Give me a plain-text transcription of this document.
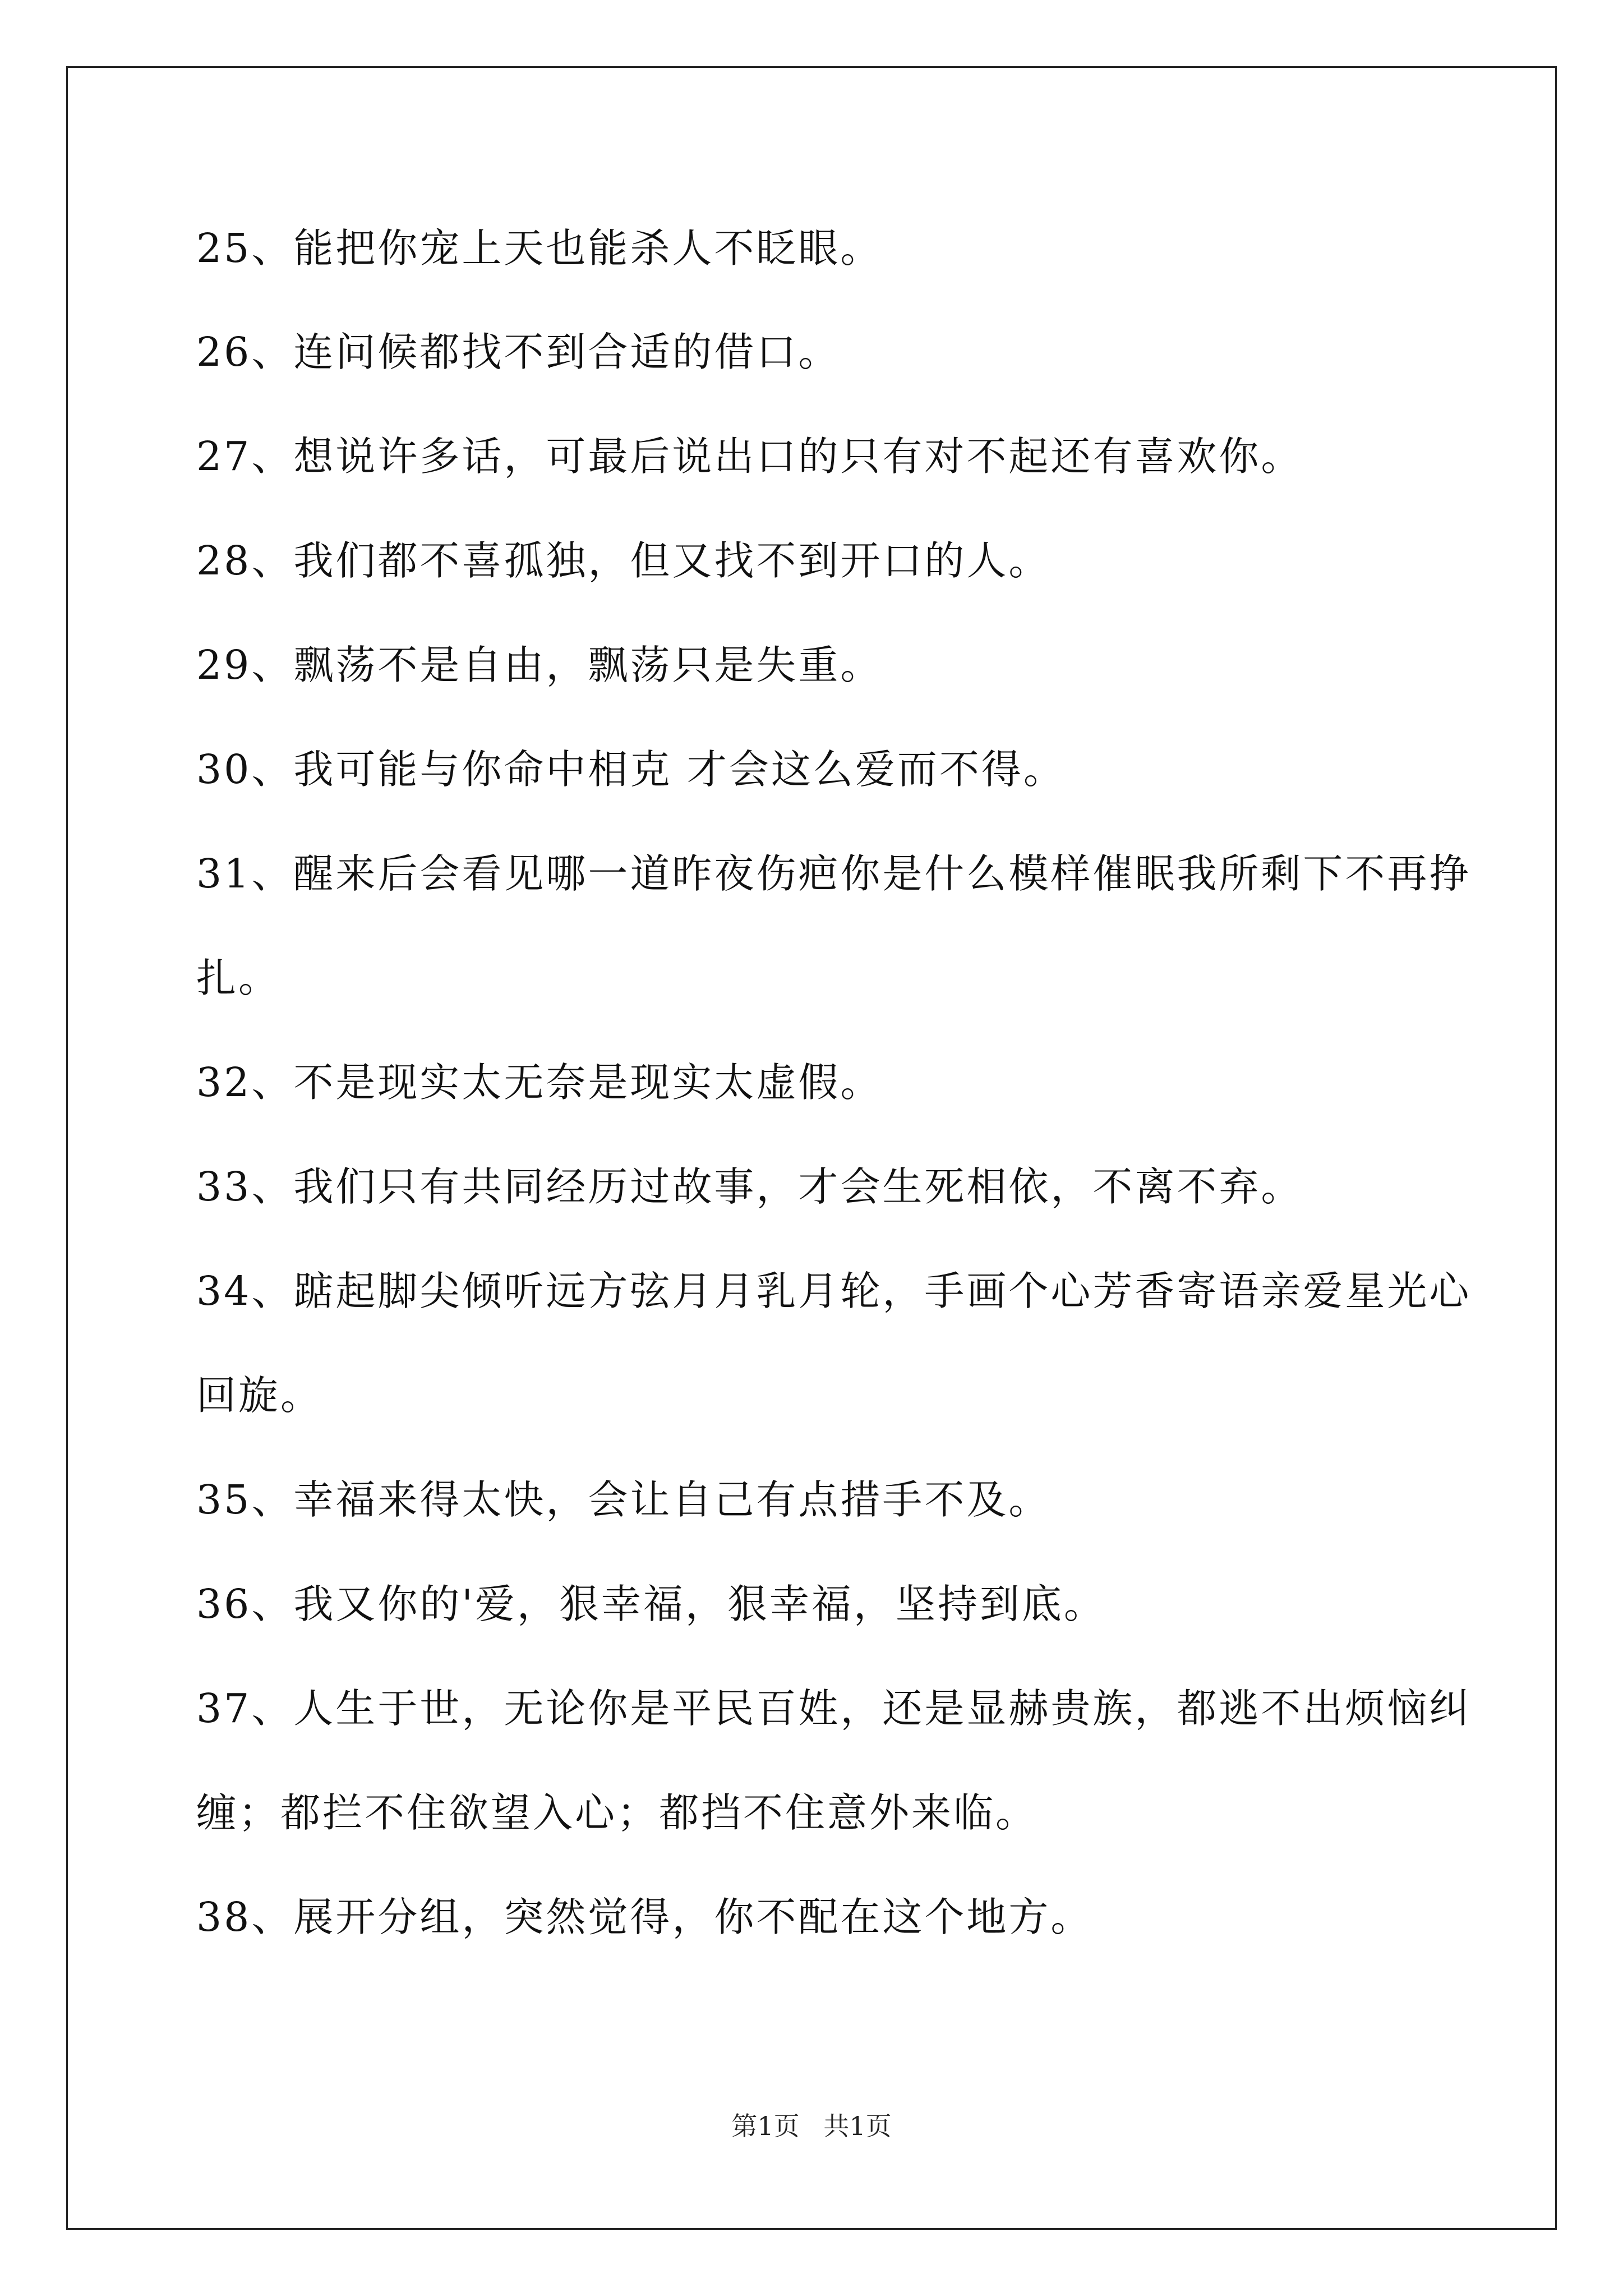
25、能把你宠上天也能杀人不眨眼。
26、连问候都找不到合适的借口。
27、想说许多话，可最后说出口的只有对不起还有喜欢你。
28、我们都不喜孤独，但又找不到开口的人。
29、飘荡不是自由，飘荡只是失重。
30、我可能与你命中相克 才会这么爱而不得。
31、醒来后会看见哪一道昨夜伤疤你是什么模样催眠我所剩下不再挣
扎。
32、不是现实太无奈是现实太虚假。
33、我们只有共同经历过故事，才会生死相依，不离不弃。
34、踮起脚尖倾听远方弦月月乳月轮，手画个心芳香寄语亲爱星光心
回旋。
35、幸福来得太快，会让自己有点措手不及。
36、我又你的'爱，狠幸福，狠幸福，坚持到底。
37、人生于世，无论你是平民百姓，还是显赫贵族，都逃不出烦恼纠
缠；都拦不住欲望入心；都挡不住意外来临。
38、展开分组，突然觉得，你不配在这个地方。
第1页 共1页
